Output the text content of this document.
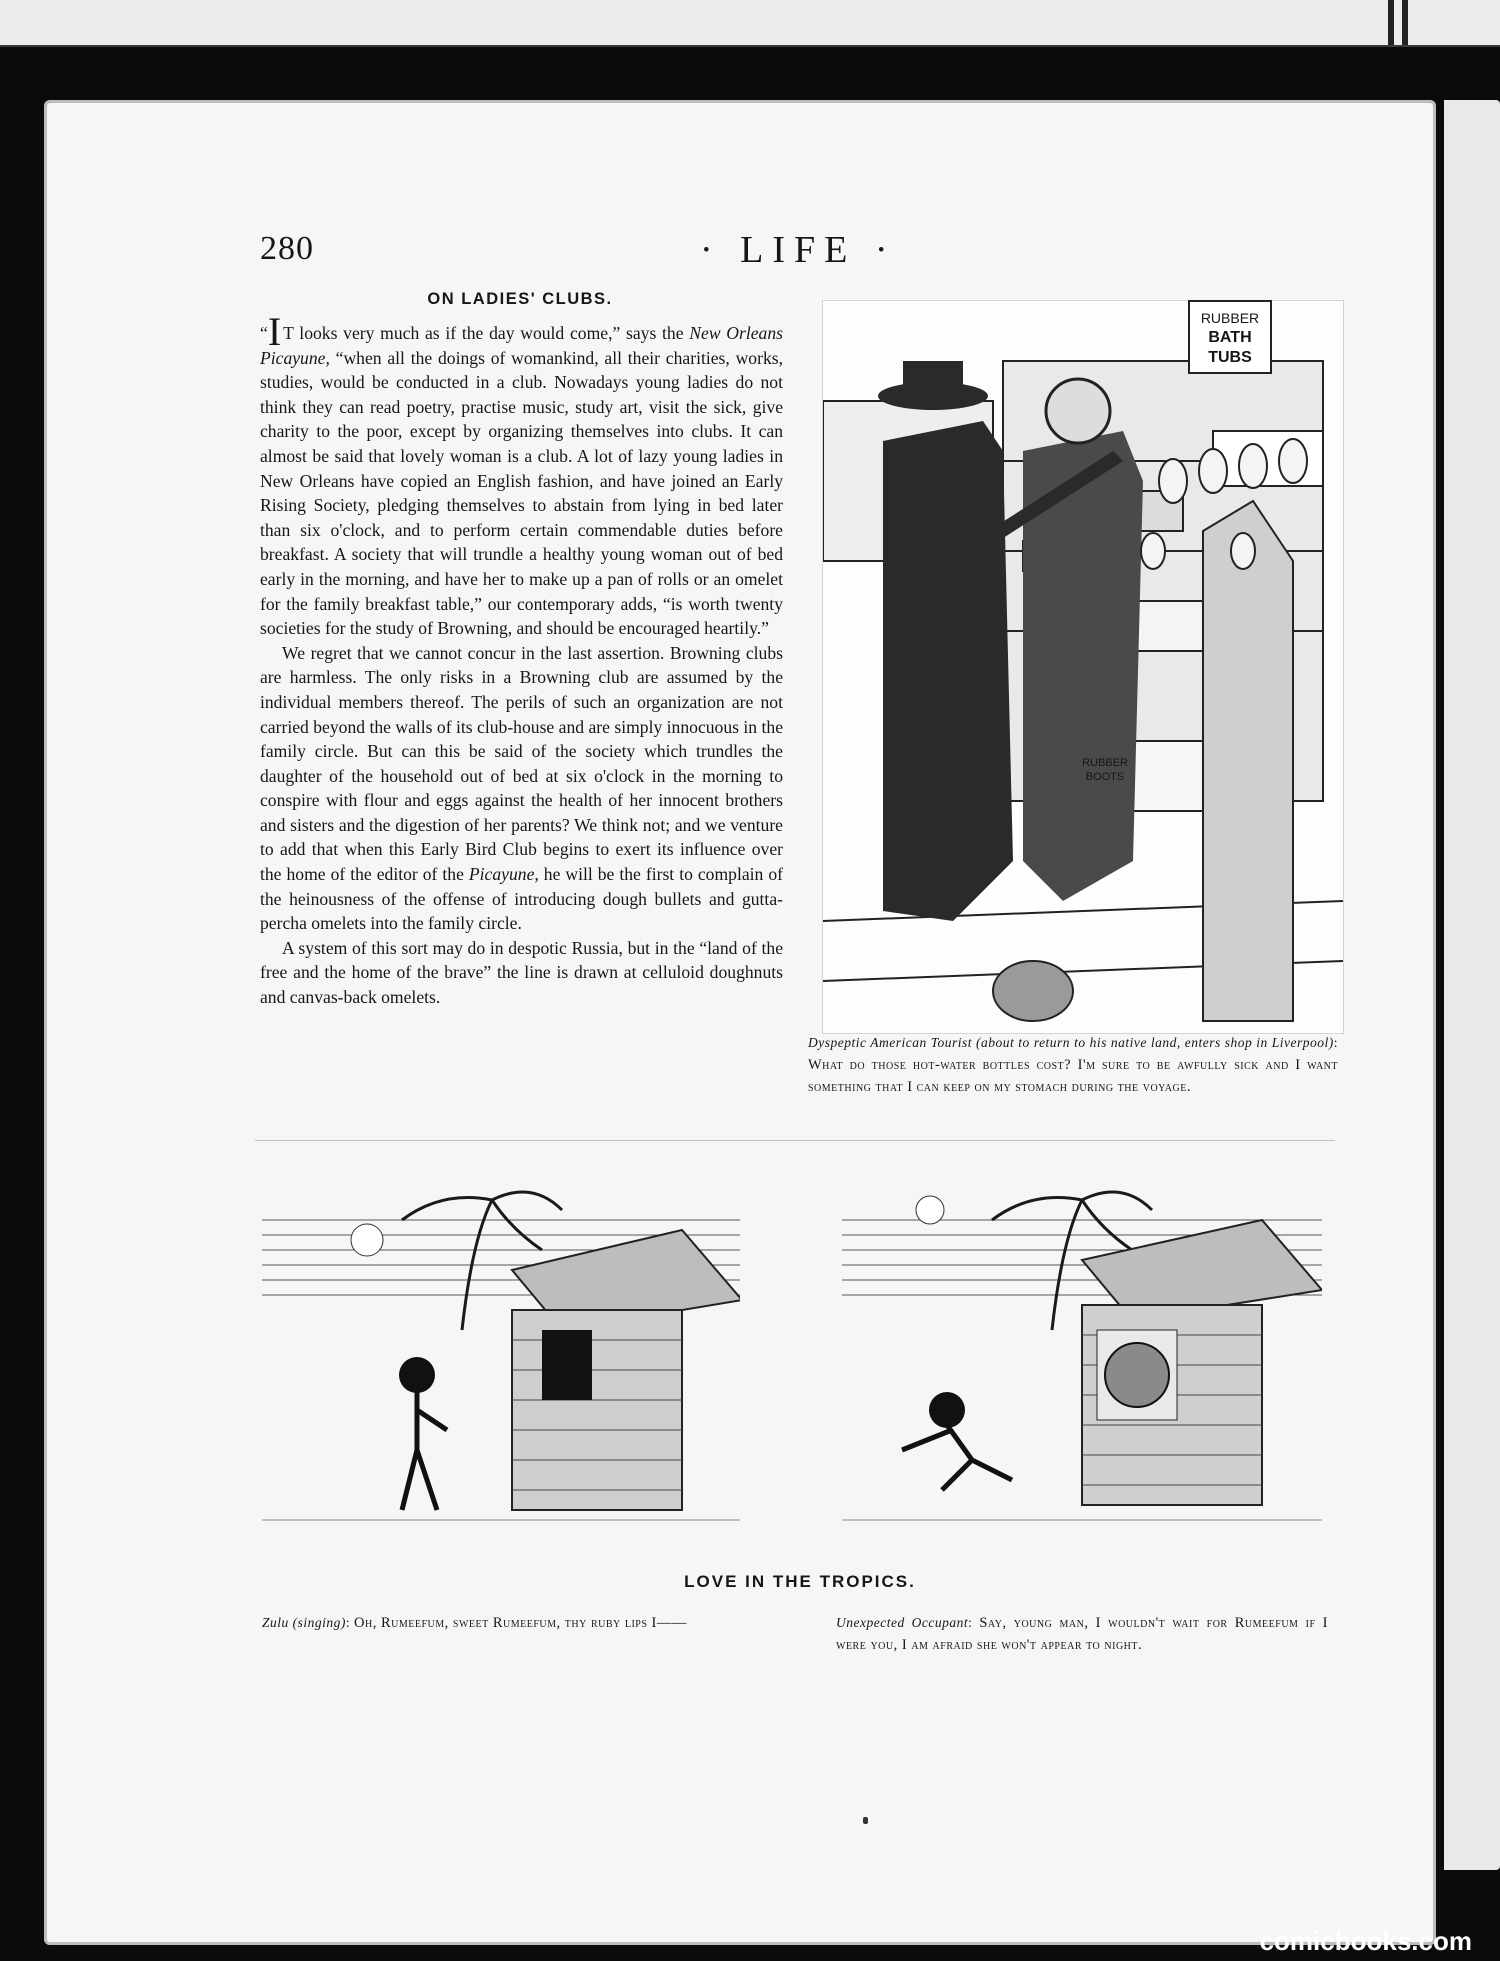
280	· LIFE ·
ON LADIES' CLUBS.

“I T looks very much as if the day would come,” says the New Orleans Picayune, “when all the doings of womankind, all their charities, works, studies, would be conducted in a club. Nowadays young ladies do not think they can read poetry, practise music, study art, visit the sick, give charity to the poor, except by organizing themselves into clubs. It can almost be said that lovely woman is a club. A lot of lazy young ladies in New Orleans have copied an English fashion, and have joined an Early Rising Society, pledging themselves to abstain from lying in bed later than six o'clock, and to perform certain commendable duties before breakfast. A society that will trundle a healthy young woman out of bed early in the morning, and have her to make up a pan of rolls or an omelet for the family breakfast table,” our contemporary adds, “is worth twenty societies for the study of Browning, and should be encouraged heartily.”

We regret that we cannot concur in the last assertion. Browning clubs are harmless. The only risks in a Browning club are assumed by the individual members thereof. The perils of such an organization are not carried beyond the walls of its club-house and are simply innocuous in the family circle. But can this be said of the society which trundles the daughter of the household out of bed at six o'clock in the morning to conspire with flour and eggs against the health of her innocent brothers and sisters and the digestion of her parents? We think not; and we venture to add that when this Early Bird Club begins to exert its influence over the home of the editor of the Picayune, he will be the first to complain of the heinousness of the offense of introducing dough bullets and gutta-percha omelets into the family circle.

A system of this sort may do in despotic Russia, but in the “land of the free and the home of the brave” the line is drawn at celluloid doughnuts and canvas-back omelets.

RUBBER
BATH TUBS
RUBBER
BOOTS
Dyspeptic American Tourist (about to return to his native land, enters shop in Liverpool): What do those hot-water bottles cost? I'm sure to be awfully sick and I want something that I can keep on my stomach during the voyage.
LOVE IN THE TROPICS.
Zulu (singing): Oh, Rumeefum, sweet Rumeefum, thy ruby lips I——	Unexpected Occupant: Say, young man, I wouldn't wait for Rumeefum if I were you, I am afraid she won't appear to night.
comicbooks.com
